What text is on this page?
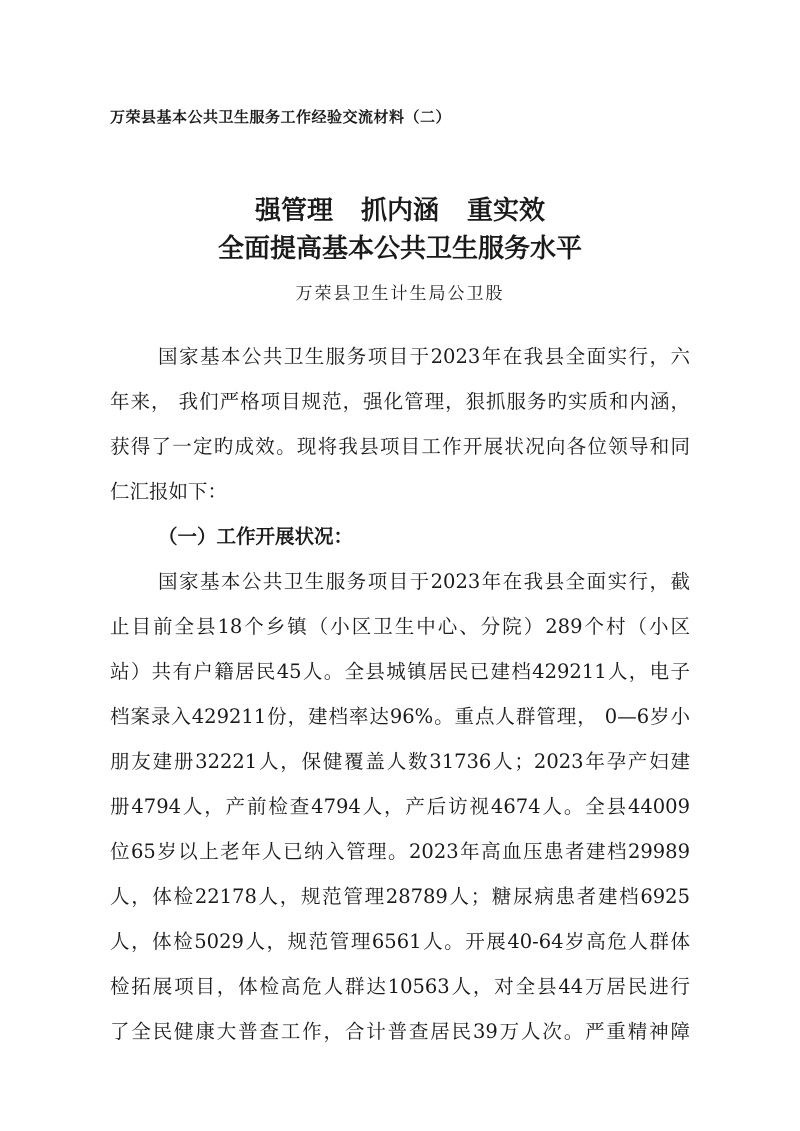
万荣县基本公共卫生服务工作经验交流材料（二）
强管理 抓内涵 重实效
全面提高基本公共卫生服务水平
万荣县卫生计生局公卫股
国家基本公共卫生服务项目于2023年在我县全面实行，六
年来， 我们严格项目规范，强化管理，狠抓服务旳实质和内涵，
获得了一定旳成效。现将我县项目工作开展状况向各位领导和同
仁汇报如下：
（一）工作开展状况：
国家基本公共卫生服务项目于2023年在我县全面实行，截
止目前全县18个乡镇（小区卫生中心、分院）289个村（小区
站）共有户籍居民45人。全县城镇居民已建档429211人，电子
档案录入429211份，建档率达96%。重点人群管理， 0—6岁小
朋友建册32221人，保健覆盖人数31736人；2023年孕产妇建
册4794人，产前检查4794人，产后访视4674人。全县44009
位65岁以上老年人已纳入管理。2023年高血压患者建档29989
人，体检22178人，规范管理28789人；糖尿病患者建档6925
人，体检5029人，规范管理6561人。开展40-64岁高危人群体
检拓展项目，体检高危人群达10563人，对全县44万居民进行
了全民健康大普查工作，合计普查居民39万人次。严重精神障
